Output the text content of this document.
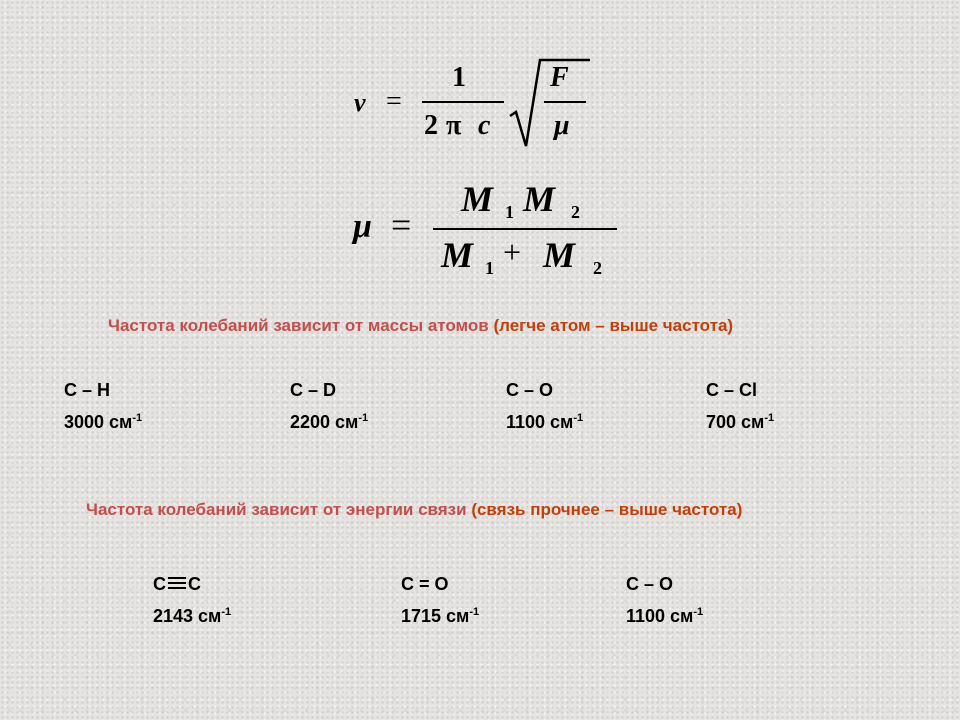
ν =
1
2 π c
F
μ
μ =
M 1 M 2
M 1 + M 2
Частота колебаний зависит от массы атомов (легче атом – выше частота)
C – H
3000 $см^{-1}$
C – D
2200 $см^{-1}$
C – O
1100 $см^{-1}$
C – Cl
700 $см^{-1}$
Частота колебаний зависит от энергии связи (связь прочнее – выше частота)
C C
2143 $см^{-1}$
C = O
1715 $см^{-1}$
C – O
1100 $см^{-1}$
